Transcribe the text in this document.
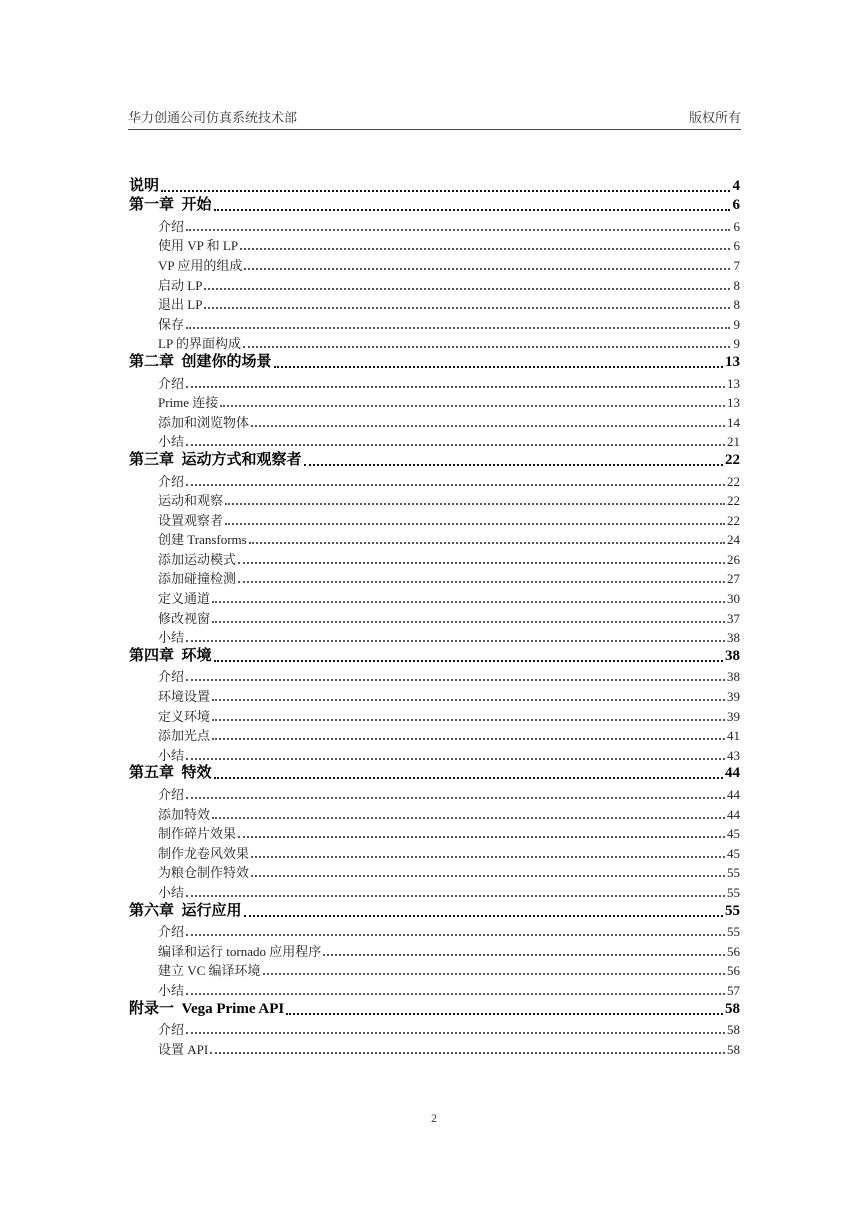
华力创通公司仿真系统技术部	版权所有
说明	4
第一章  开始	6
介绍	6
使用 VP 和 LP	6
VP 应用的组成	7
启动 LP	8
退出 LP	8
保存	9
LP 的界面构成	9
第二章  创建你的场景	13
介绍	13
Prime 连接	13
添加和浏览物体	14
小结	21
第三章  运动方式和观察者	22
介绍	22
运动和观察	22
设置观察者	22
创建 Transforms	24
添加运动模式	26
添加碰撞检测	27
定义通道	30
修改视窗	37
小结	38
第四章  环境	38
介绍	38
环境设置	39
定义环境	39
添加光点	41
小结	43
第五章  特效	44
介绍	44
添加特效	44
制作碎片效果	45
制作龙卷风效果	45
为粮仓制作特效	55
小结	55
第六章  运行应用	55
介绍	55
编译和运行 tornado 应用程序	56
建立 VC 编译环境	56
小结	57
附录一  Vega Prime API	58
介绍	58
设置 API	58
2
